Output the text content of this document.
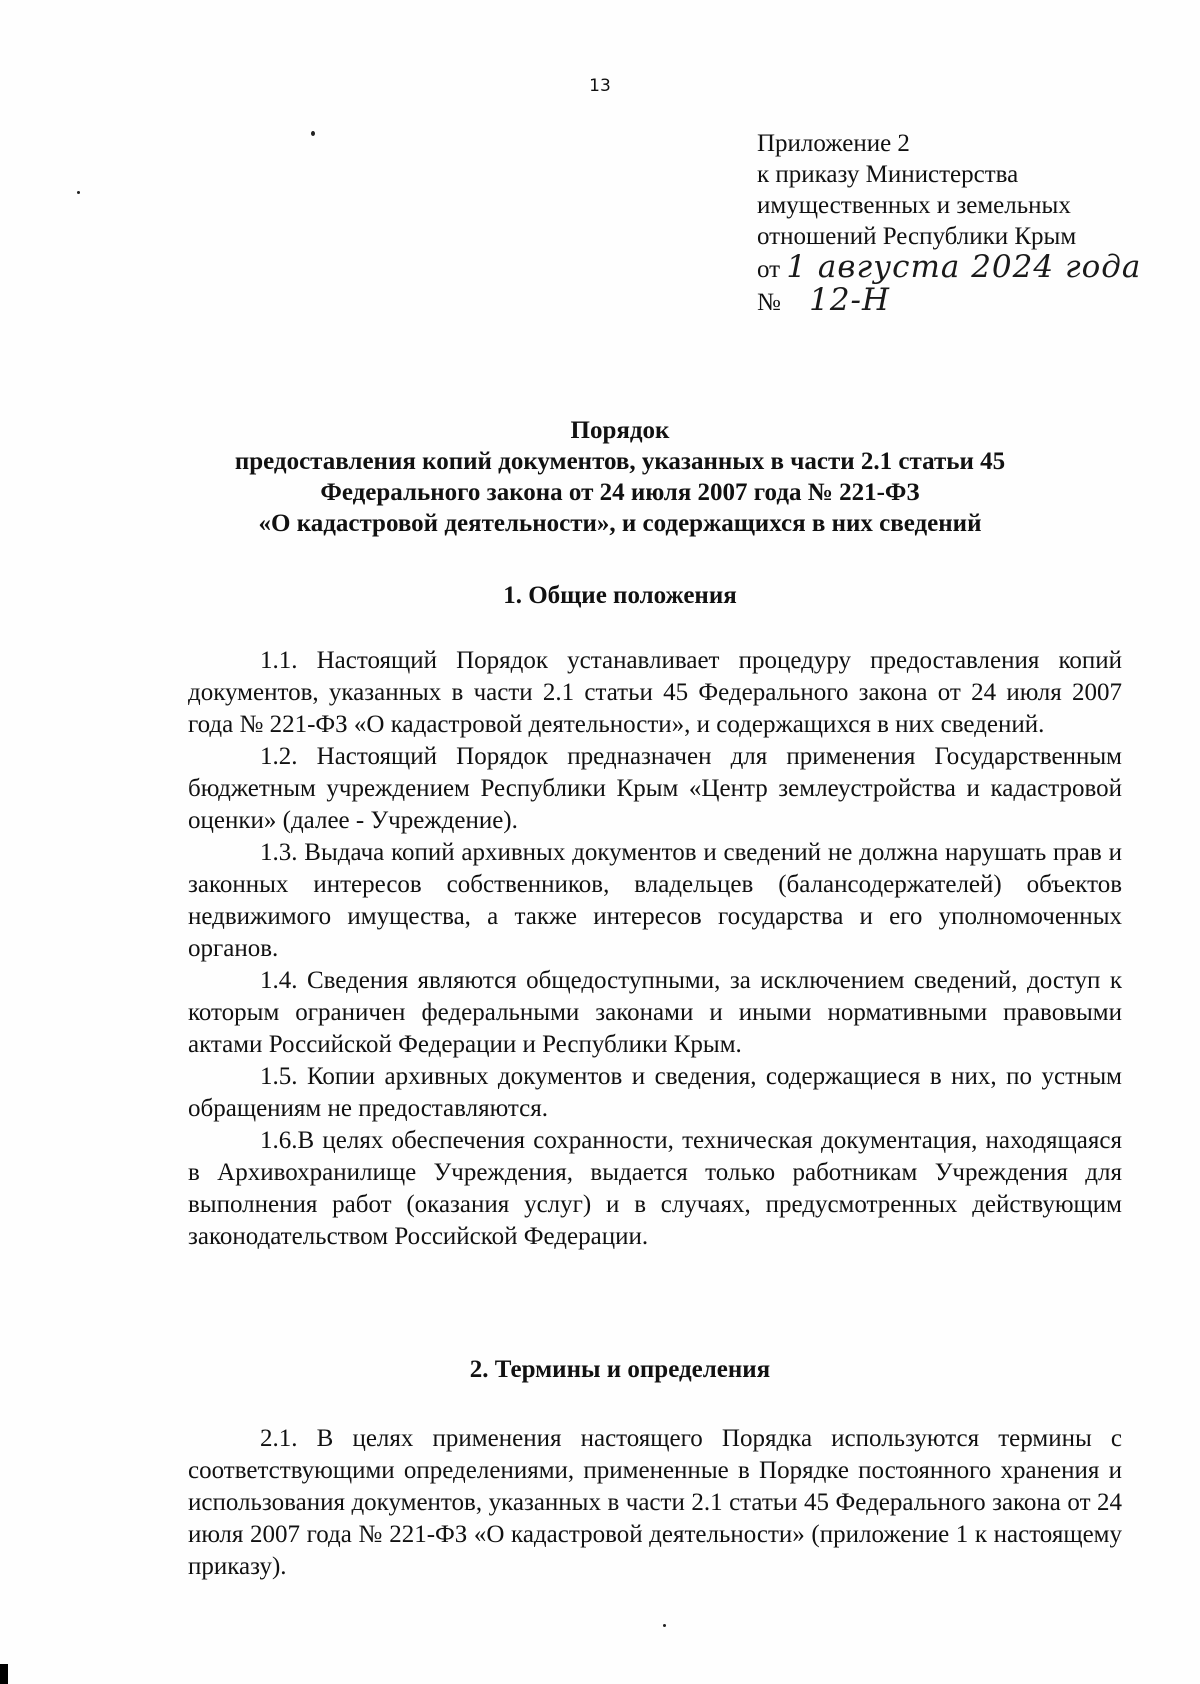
13
Приложение 2
к приказу Министерства
имущественных и земельных
отношений Республики Крым
от 1 августа 2024 года
№ 12-Н
Порядок
предоставления копий документов, указанных в части 2.1 статьи 45
Федерального закона от 24 июля 2007 года № 221-ФЗ
«О кадастровой деятельности», и содержащихся в них сведений
1. Общие положения

1.1. Настоящий Порядок устанавливает процедуру предоставления копий документов, указанных в части 2.1 статьи 45 Федерального закона от 24 июля 2007 года № 221-ФЗ «О кадастровой деятельности», и содержащихся в них сведений.

1.2. Настоящий Порядок предназначен для применения Государственным бюджетным учреждением Республики Крым «Центр землеустройства и кадастровой оценки» (далее - Учреждение).

1.3. Выдача копий архивных документов и сведений не должна нарушать прав и законных интересов собственников, владельцев (балансодержателей) объектов недвижимого имущества, а также интересов государства и его уполномоченных органов.

1.4. Сведения являются общедоступными, за исключением сведений, доступ к которым ограничен федеральными законами и иными нормативными правовыми актами Российской Федерации и Республики Крым.

1.5. Копии архивных документов и сведения, содержащиеся в них, по устным обращениям не предоставляются.

1.6.В целях обеспечения сохранности, техническая документация, находящаяся в Архивохранилище Учреждения, выдается только работникам Учреждения для выполнения работ (оказания услуг) и в случаях, предусмотренных действующим законодательством Российской Федерации.

2. Термины и определения

2.1. В целях применения настоящего Порядка используются термины с соответствующими определениями, примененные в Порядке постоянного хранения и использования документов, указанных в части 2.1 статьи 45 Федерального закона от 24 июля 2007 года № 221-ФЗ «О кадастровой деятельности» (приложение 1 к настоящему приказу).
